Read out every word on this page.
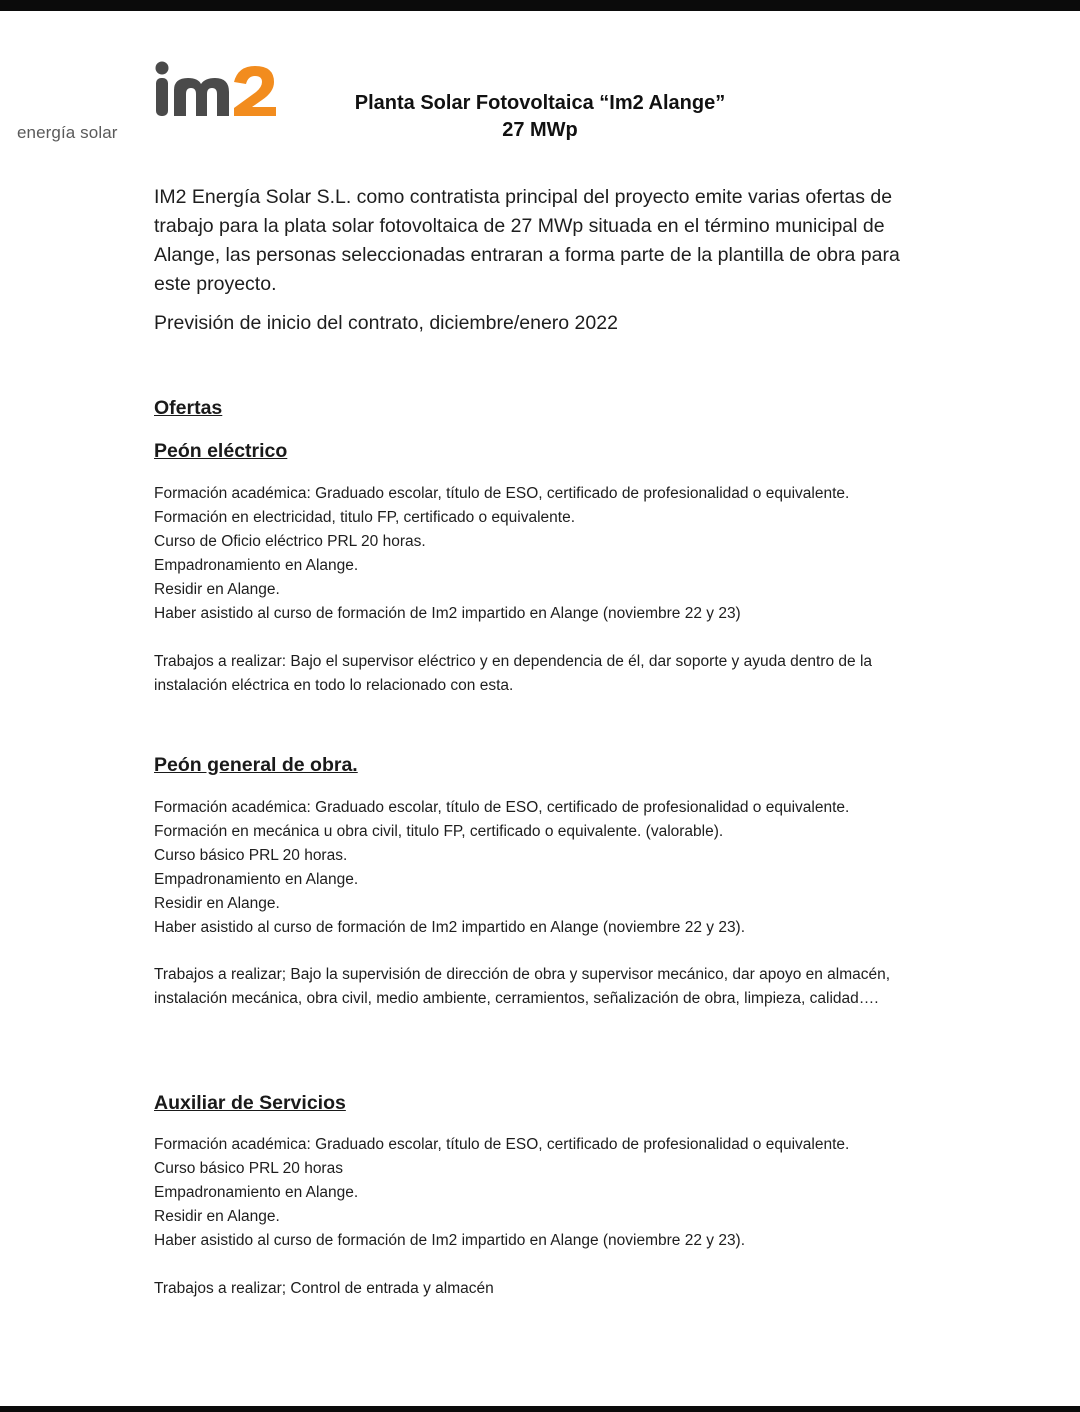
energía solar
Planta Solar Fotovoltaica “Im2 Alange”
27 MWp
IM2 Energía Solar S.L. como contratista principal del proyecto emite varias ofertas de trabajo para la plata solar fotovoltaica de 27 MWp situada en el término municipal de Alange, las personas seleccionadas entraran a forma parte de la plantilla de obra para este proyecto.
Previsión de inicio del contrato, diciembre/enero 2022
Ofertas
Peón eléctrico
Formación académica: Graduado escolar, título de ESO, certificado de profesionalidad o equivalente.
Formación en electricidad, titulo FP, certificado o equivalente.
Curso de Oficio eléctrico PRL 20 horas.
Empadronamiento en Alange.
Residir en Alange.
Haber asistido al curso de formación de Im2 impartido en Alange (noviembre 22 y 23)
Trabajos a realizar: Bajo el supervisor eléctrico y en dependencia de él, dar soporte y ayuda dentro de la instalación eléctrica en todo lo relacionado con esta.
Peón general de obra.
Formación académica: Graduado escolar, título de ESO, certificado de profesionalidad o equivalente.
Formación en mecánica u obra civil, titulo FP, certificado o equivalente. (valorable).
Curso básico PRL 20 horas.
Empadronamiento en Alange.
Residir en Alange.
Haber asistido al curso de formación de Im2 impartido en Alange (noviembre 22 y 23).
Trabajos a realizar; Bajo la supervisión de dirección de obra y supervisor mecánico, dar apoyo en almacén, instalación mecánica, obra civil, medio ambiente, cerramientos, señalización de obra, limpieza, calidad….
Auxiliar de Servicios
Formación académica: Graduado escolar, título de ESO, certificado de profesionalidad o equivalente.
Curso básico PRL 20 horas
Empadronamiento en Alange.
Residir en Alange.
Haber asistido al curso de formación de Im2 impartido en Alange (noviembre 22 y 23).
Trabajos a realizar; Control de entrada y almacén
